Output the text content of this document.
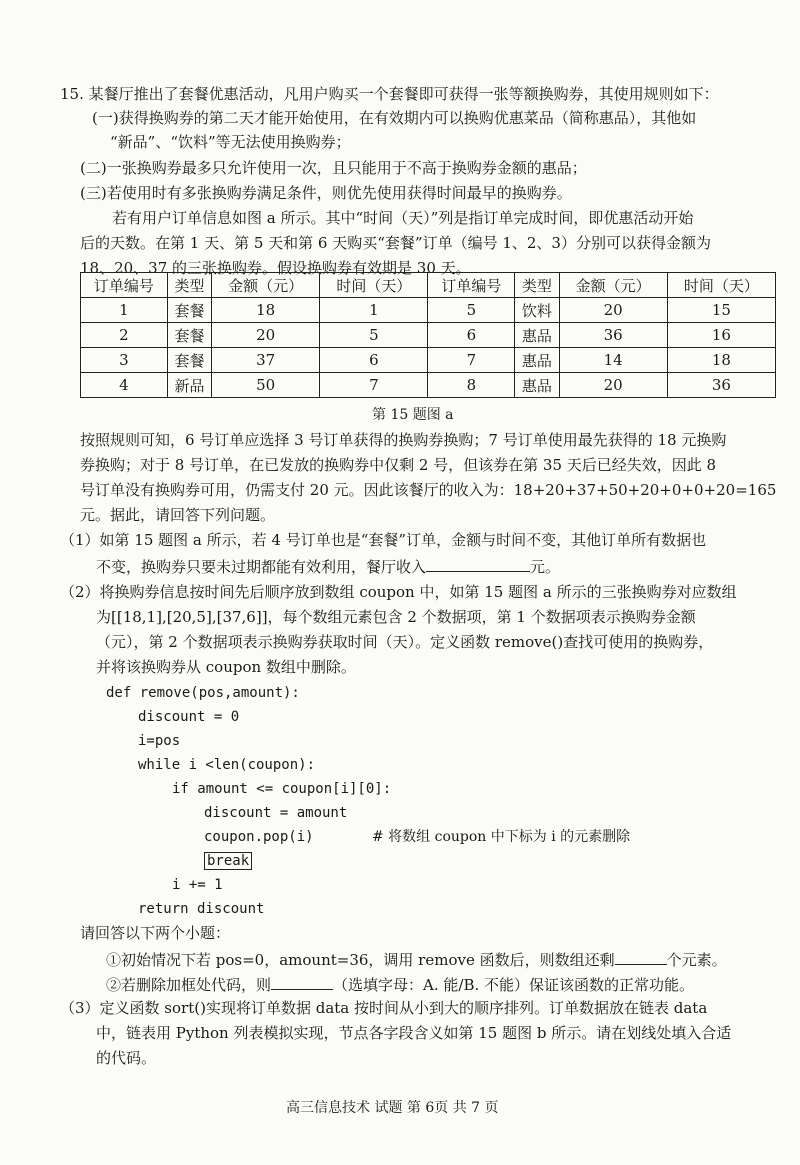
15. 某餐厅推出了套餐优惠活动，凡用户购买一个套餐即可获得一张等额换购券，其使用规则如下：
(一)获得换购券的第二天才能开始使用，在有效期内可以换购优惠菜品（简称惠品），其他如
“新品”、“饮料”等无法使用换购券；
(二)一张换购券最多只允许使用一次，且只能用于不高于换购券金额的惠品；
(三)若使用时有多张换购券满足条件，则优先使用获得时间最早的换购券。
若有用户订单信息如图 a 所示。其中“时间（天）”列是指订单完成时间，即优惠活动开始
后的天数。在第 1 天、第 5 天和第 6 天购买“套餐”订单（编号 1、2、3）分别可以获得金额为
18、20、37 的三张换购券。假设换购券有效期是 30 天。
订单编号	类型	金额（元）	时间（天）	订单编号	类型	金额（元）	时间（天）
1	套餐	18	1	5	饮料	20	15
2	套餐	20	5	6	惠品	36	16
3	套餐	37	6	7	惠品	14	18
4	新品	50	7	8	惠品	20	36
第 15 题图 a
按照规则可知，6 号订单应选择 3 号订单获得的换购券换购；7 号订单使用最先获得的 18 元换购
券换购；对于 8 号订单，在已发放的换购券中仅剩 2 号，但该券在第 35 天后已经失效，因此 8
号订单没有换购券可用，仍需支付 20 元。因此该餐厅的收入为：18+20+37+50+20+0+0+20=165
元。据此，请回答下列问题。
（1）如第 15 题图 a 所示，若 4 号订单也是“套餐”订单，金额与时间不变，其他订单所有数据也
不变，换购券只要未过期都能有效利用，餐厅收入	元。
（2）将换购券信息按时间先后顺序放到数组 coupon 中，如第 15 题图 a 所示的三张换购券对应数组
为[[18,1],[20,5],[37,6]]，每个数组元素包含 2 个数据项，第 1 个数据项表示换购券金额
（元），第 2 个数据项表示换购券获取时间（天）。定义函数 remove()查找可使用的换购券，
并将该换购券从 coupon 数组中删除。
def remove(pos,amount):
discount = 0
i=pos
while i <len(coupon):
if amount <= coupon[i][0]:
discount = amount
coupon.pop(i)	# 将数组 coupon 中下标为 i 的元素删除
break
i += 1
return discount
请回答以下两个小题：
①初始情况下若 pos=0，amount=36，调用 remove 函数后，则数组还剩	个元素。
②若删除加框处代码，则	（选填字母：A. 能/B. 不能）保证该函数的正常功能。
（3）定义函数 sort()实现将订单数据 data 按时间从小到大的顺序排列。订单数据放在链表 data
中，链表用 Python 列表模拟实现，节点各字段含义如第 15 题图 b 所示。请在划线处填入合适
的代码。
高三信息技术 试题 第 6页 共 7 页
